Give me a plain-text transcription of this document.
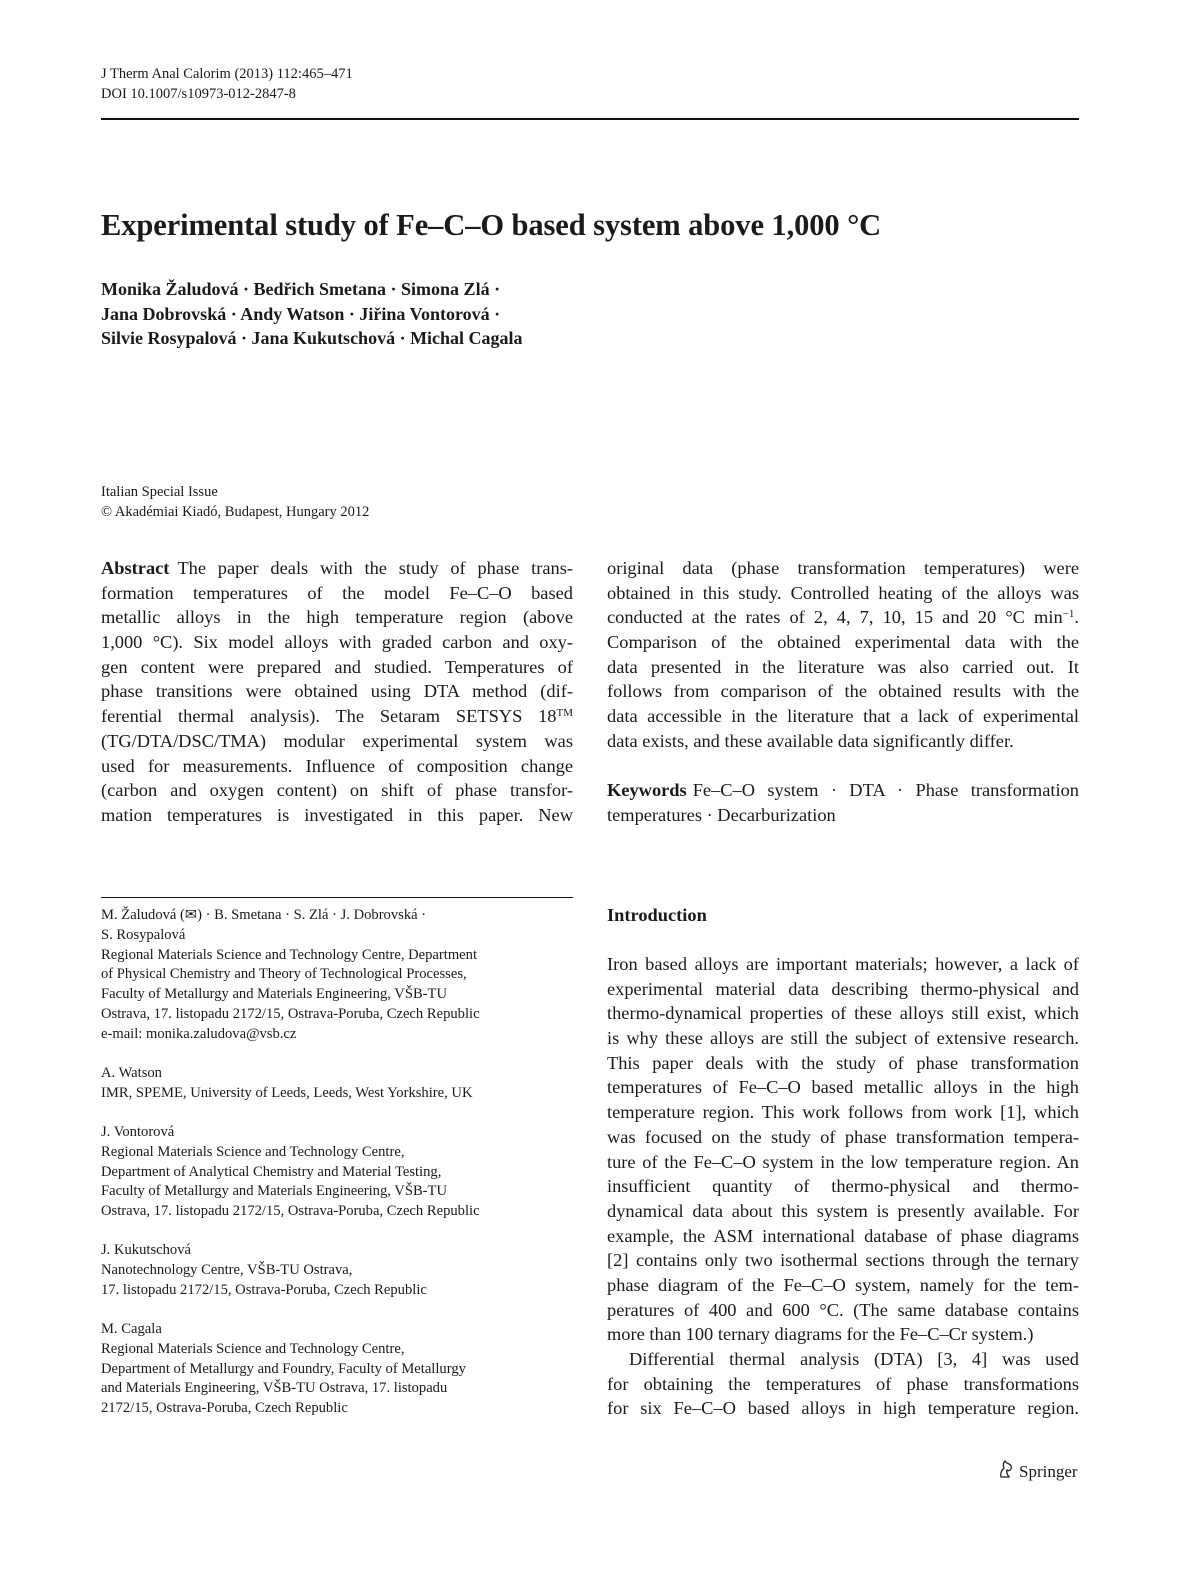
J Therm Anal Calorim (2013) 112:465–471
DOI 10.1007/s10973-012-2847-8
Experimental study of Fe–C–O based system above 1,000 °C
Monika Žaludová · Bedřich Smetana · Simona Zlá ·
Jana Dobrovská · Andy Watson · Jiřina Vontorová ·
Silvie Rosypalová · Jana Kukutschová · Michal Cagala
Italian Special Issue
© Akadémiai Kiadó, Budapest, Hungary 2012
Abstract The paper deals with the study of phase trans-
formation temperatures of the model Fe–C–O based
metallic alloys in the high temperature region (above
1,000 °C). Six model alloys with graded carbon and oxy-
gen content were prepared and studied. Temperatures of
phase transitions were obtained using DTA method (dif-
ferential thermal analysis). The Setaram SETSYS 18™
(TG/DTA/DSC/TMA) modular experimental system was
used for measurements. Influence of composition change
(carbon and oxygen content) on shift of phase transfor-
mation temperatures is investigated in this paper. New
original data (phase transformation temperatures) were
obtained in this study. Controlled heating of the alloys was
conducted at the rates of 2, 4, 7, 10, 15 and 20 °C $\min^{-1}$.
Comparison of the obtained experimental data with the
data presented in the literature was also carried out. It
follows from comparison of the obtained results with the
data accessible in the literature that a lack of experimental
data exists, and these available data significantly differ.
Keywords Fe–C–O system · DTA · Phase transformation
temperatures · Decarburization
M. Žaludová (✉) · B. Smetana · S. Zlá · J. Dobrovská ·
S. Rosypalová
Regional Materials Science and Technology Centre, Department
of Physical Chemistry and Theory of Technological Processes,
Faculty of Metallurgy and Materials Engineering, VŠB-TU
Ostrava, 17. listopadu 2172/15, Ostrava-Poruba, Czech Republic
e-mail: monika.zaludova@vsb.cz
A. Watson
IMR, SPEME, University of Leeds, Leeds, West Yorkshire, UK
J. Vontorová
Regional Materials Science and Technology Centre,
Department of Analytical Chemistry and Material Testing,
Faculty of Metallurgy and Materials Engineering, VŠB-TU
Ostrava, 17. listopadu 2172/15, Ostrava-Poruba, Czech Republic
J. Kukutschová
Nanotechnology Centre, VŠB-TU Ostrava,
17. listopadu 2172/15, Ostrava-Poruba, Czech Republic
M. Cagala
Regional Materials Science and Technology Centre,
Department of Metallurgy and Foundry, Faculty of Metallurgy
and Materials Engineering, VŠB-TU Ostrava, 17. listopadu
2172/15, Ostrava-Poruba, Czech Republic
Introduction
Iron based alloys are important materials; however, a lack of
experimental material data describing thermo-physical and
thermo-dynamical properties of these alloys still exist, which
is why these alloys are still the subject of extensive research.
This paper deals with the study of phase transformation
temperatures of Fe–C–O based metallic alloys in the high
temperature region. This work follows from work [1], which
was focused on the study of phase transformation tempera-
ture of the Fe–C–O system in the low temperature region. An
insufficient quantity of thermo-physical and thermo-
dynamical data about this system is presently available. For
example, the ASM international database of phase diagrams
[2] contains only two isothermal sections through the ternary
phase diagram of the Fe–C–O system, namely for the tem-
peratures of 400 and 600 °C. (The same database contains
more than 100 ternary diagrams for the Fe–C–Cr system.)
Differential thermal analysis (DTA) [3, 4] was used
for obtaining the temperatures of phase transformations
for six Fe–C–O based alloys in high temperature region.
Springer
